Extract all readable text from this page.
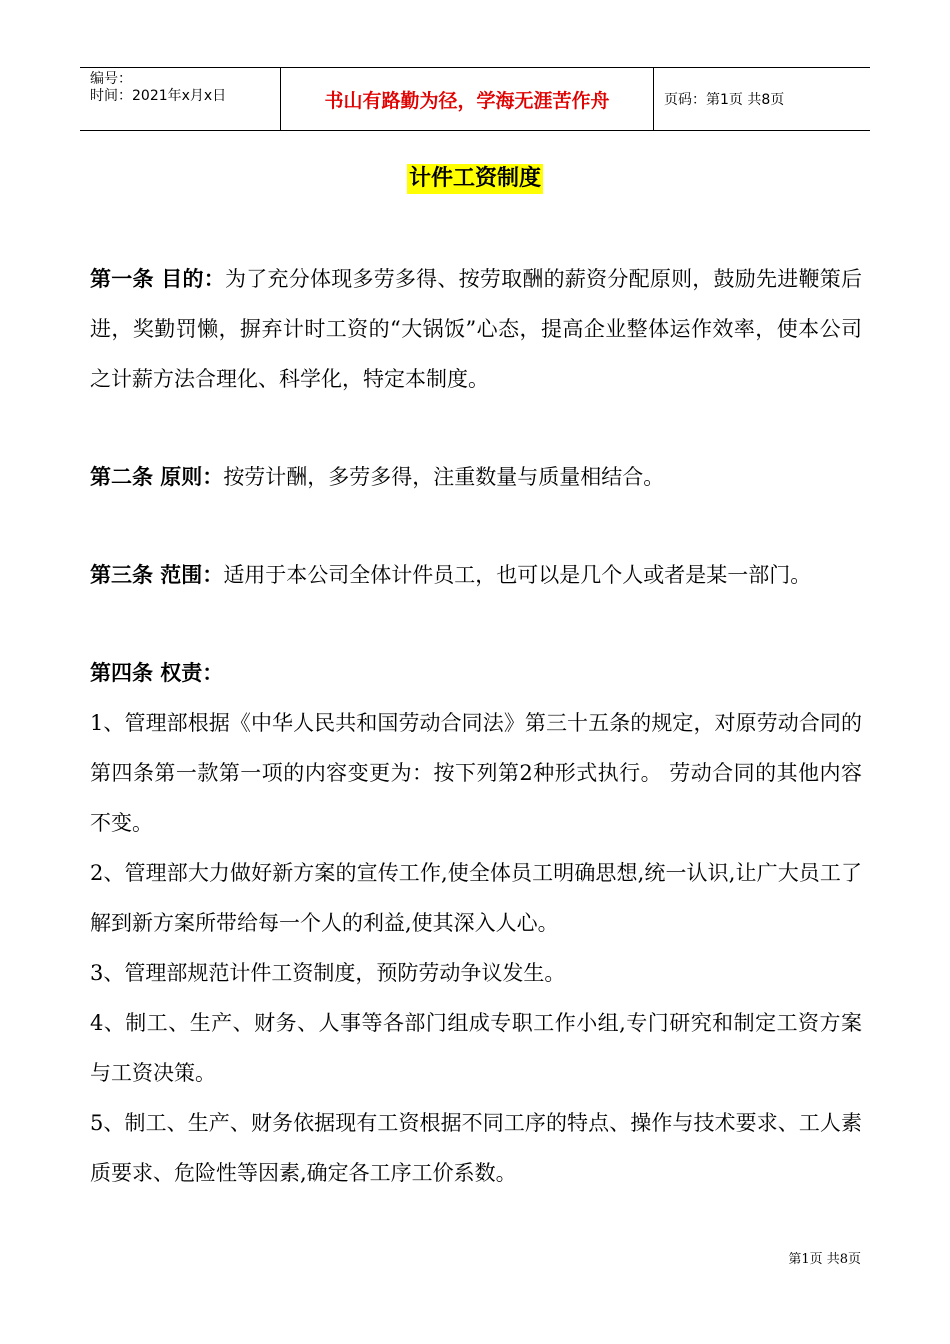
编号：
时间：2021年x月x日	书山有路勤为径，学海无涯苦作舟	页码：第1页 共8页
计件工资制度

第一条 目的：为了充分体现多劳多得、按劳取酬的薪资分配原则，鼓励先进鞭策后进，奖勤罚懒，摒弃计时工资的“大锅饭”心态，提高企业整体运作效率，使本公司之计薪方法合理化、科学化，特定本制度。

第二条 原则：按劳计酬，多劳多得，注重数量与质量相结合。

第三条 范围：适用于本公司全体计件员工，也可以是几个人或者是某一部门。

第四条 权责：

1、管理部根据《中华人民共和国劳动合同法》第三十五条的规定，对原劳动合同的第四条第一款第一项的内容变更为：按下列第2种形式执行。 劳动合同的其他内容不变。

2、管理部大力做好新方案的宣传工作,使全体员工明确思想,统一认识,让广大员工了解到新方案所带给每一个人的利益,使其深入人心。

3、管理部规范计件工资制度，预防劳动争议发生。

4、制工、生产、财务、人事等各部门组成专职工作小组,专门研究和制定工资方案与工资决策。

5、制工、生产、财务依据现有工资根据不同工序的特点、操作与技术要求、工人素质要求、危险性等因素,确定各工序工价系数。

第1页 共8页
